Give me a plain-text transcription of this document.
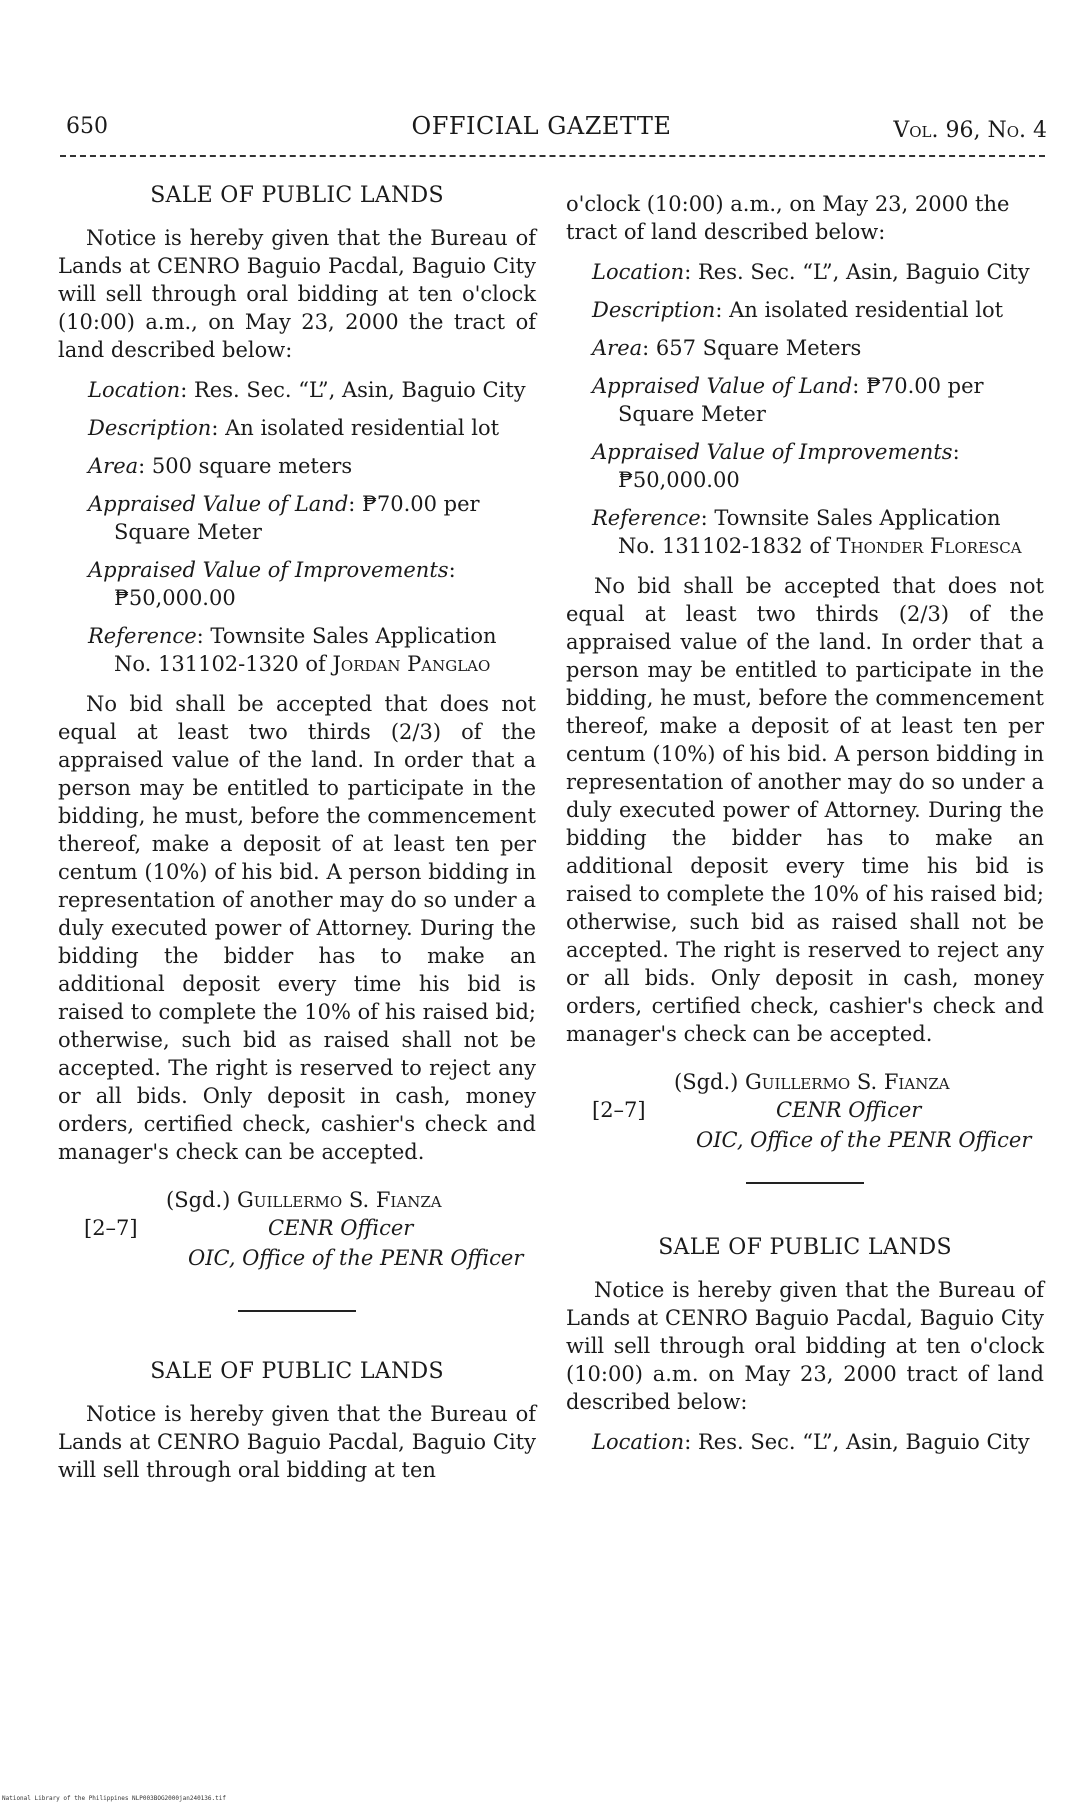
650	OFFICIAL GAZETTE	Vol. 96, No. 4

SALE OF PUBLIC LANDS

Notice is hereby given that the Bureau of Lands at CENRO Baguio Pacdal, Baguio City will sell through oral bidding at ten o'clock (10:00) a.m., on May 23, 2000 the tract of land described below:

Location: Res. Sec. “L”, Asin, Baguio City

Description: An isolated residential lot

Area: 500 square meters

Appraised Value of Land: ₱70.00 per Square Meter

Appraised Value of Improvements: ₱50,000.00

Reference: Townsite Sales Application No. 131102-1320 of Jordan Panglao

No bid shall be accepted that does not equal at least two thirds (2/3) of the appraised value of the land. In order that a person may be entitled to participate in the bidding, he must, before the commencement thereof, make a deposit of at least ten per centum (10%) of his bid. A person bidding in representation of another may do so under a duly executed power of Attorney. During the bidding the bidder has to make an additional deposit every time his bid is raised to complete the 10% of his raised bid; otherwise, such bid as raised shall not be accepted. The right is reserved to reject any or all bids. Only deposit in cash, money orders, certified check, cashier's check and manager's check can be accepted.

(Sgd.) Guillermo S. Fianza
[2–7]	CENR Officer
OIC, Office of the PENR Officer

SALE OF PUBLIC LANDS

Notice is hereby given that the Bureau of Lands at CENRO Baguio Pacdal, Baguio City will sell through oral bidding at ten

o'clock (10:00) a.m., on May 23, 2000 the tract of land described below:

Location: Res. Sec. “L”, Asin, Baguio City

Description: An isolated residential lot

Area: 657 Square Meters

Appraised Value of Land: ₱70.00 per Square Meter

Appraised Value of Improvements: ₱50,000.00

Reference: Townsite Sales Application No. 131102-1832 of Thonder Floresca

No bid shall be accepted that does not equal at least two thirds (2/3) of the appraised value of the land. In order that a person may be entitled to participate in the bidding, he must, before the commencement thereof, make a deposit of at least ten per centum (10%) of his bid. A person bidding in representation of another may do so under a duly executed power of Attorney. During the bidding the bidder has to make an additional deposit every time his bid is raised to complete the 10% of his raised bid; otherwise, such bid as raised shall not be accepted. The right is reserved to reject any or all bids. Only deposit in cash, money orders, certified check, cashier's check and manager's check can be accepted.

(Sgd.) Guillermo S. Fianza
[2–7]	CENR Officer
OIC, Office of the PENR Officer

SALE OF PUBLIC LANDS

Notice is hereby given that the Bureau of Lands at CENRO Baguio Pacdal, Baguio City will sell through oral bidding at ten o'clock (10:00) a.m. on May 23, 2000 tract of land described below:

Location: Res. Sec. “L”, Asin, Baguio City

National Library of the Philippines NLP003BOG2000jan240136.tif
